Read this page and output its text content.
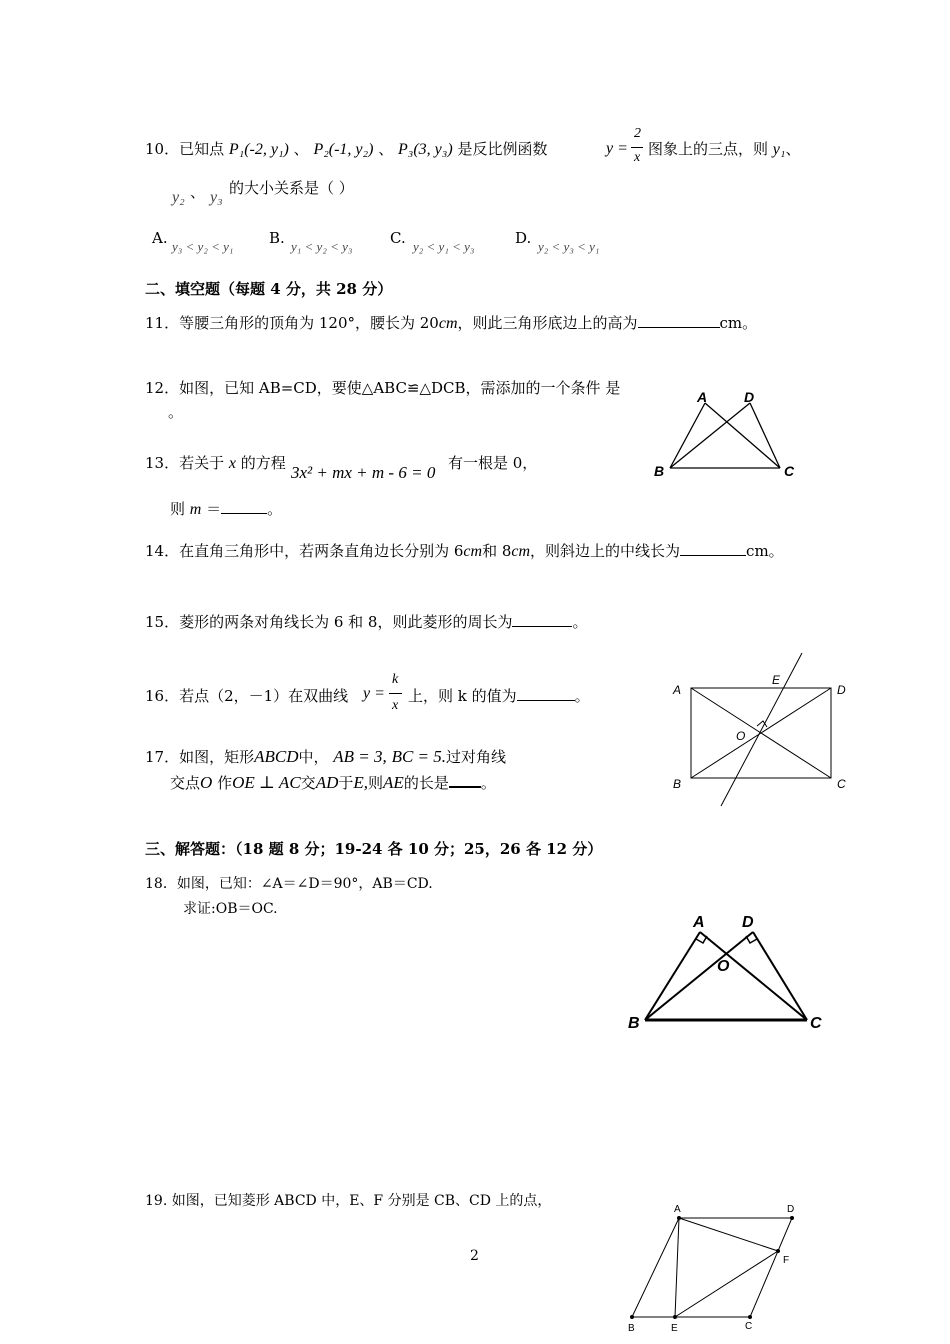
10．已知点 P₁(-2, y₁) 、 P₂(-1, y₂) 、 P₃(3, y₃) 是反比例函数	y =
2
x 图象上的三点，则 y₁、
y₂ 、 y₃
的大小关系是（ ）
A. y₃ < y₂ < y₁ B. y₁ < y₂ < y₃	C. y₂ < y₁ < y₃	D. y₂ < y₃ < y₁
二、填空题（每题 4 分，共 28 分）
11．等腰三角形的顶角为 120°，腰长为 20cm，则此三角形底边上的高为	cm。
12．如图，已知 AB=CD，要使△ABC≌△DCB，需添加的一个条件 是
。
A	D
B	C
13．若关于 x 的方程 3x² + mx + m - 6 = 0 有一根是 0，
则 m ＝	。
14．在直角三角形中，若两条直角边长分别为 6cm和 8cm，则斜边上的中线长为	cm。
15．菱形的两条对角线长为 6 和 8，则此菱形的周长为	。
16．若点（2，－1）在双曲线 y =
k
x
上，则 k 的值为	。
17．如图，矩形ABCD中， AB = 3, BC = 5.过对角线
交点O 作OE ⊥ AC交AD于E,则AE的长是 。
A
E
D
O
B	C
三、解答题：（18 题 8 分；19-24 各 10 分；25，26 各 12 分）
18．如图，已知：∠A＝∠D＝90°，AB＝CD.
求证:OB＝OC.
A D
O
B	C
19. 如图，已知菱形 ABCD 中，E、F 分别是 CB、CD 上的点，
A	D
F
B	E	C
2
